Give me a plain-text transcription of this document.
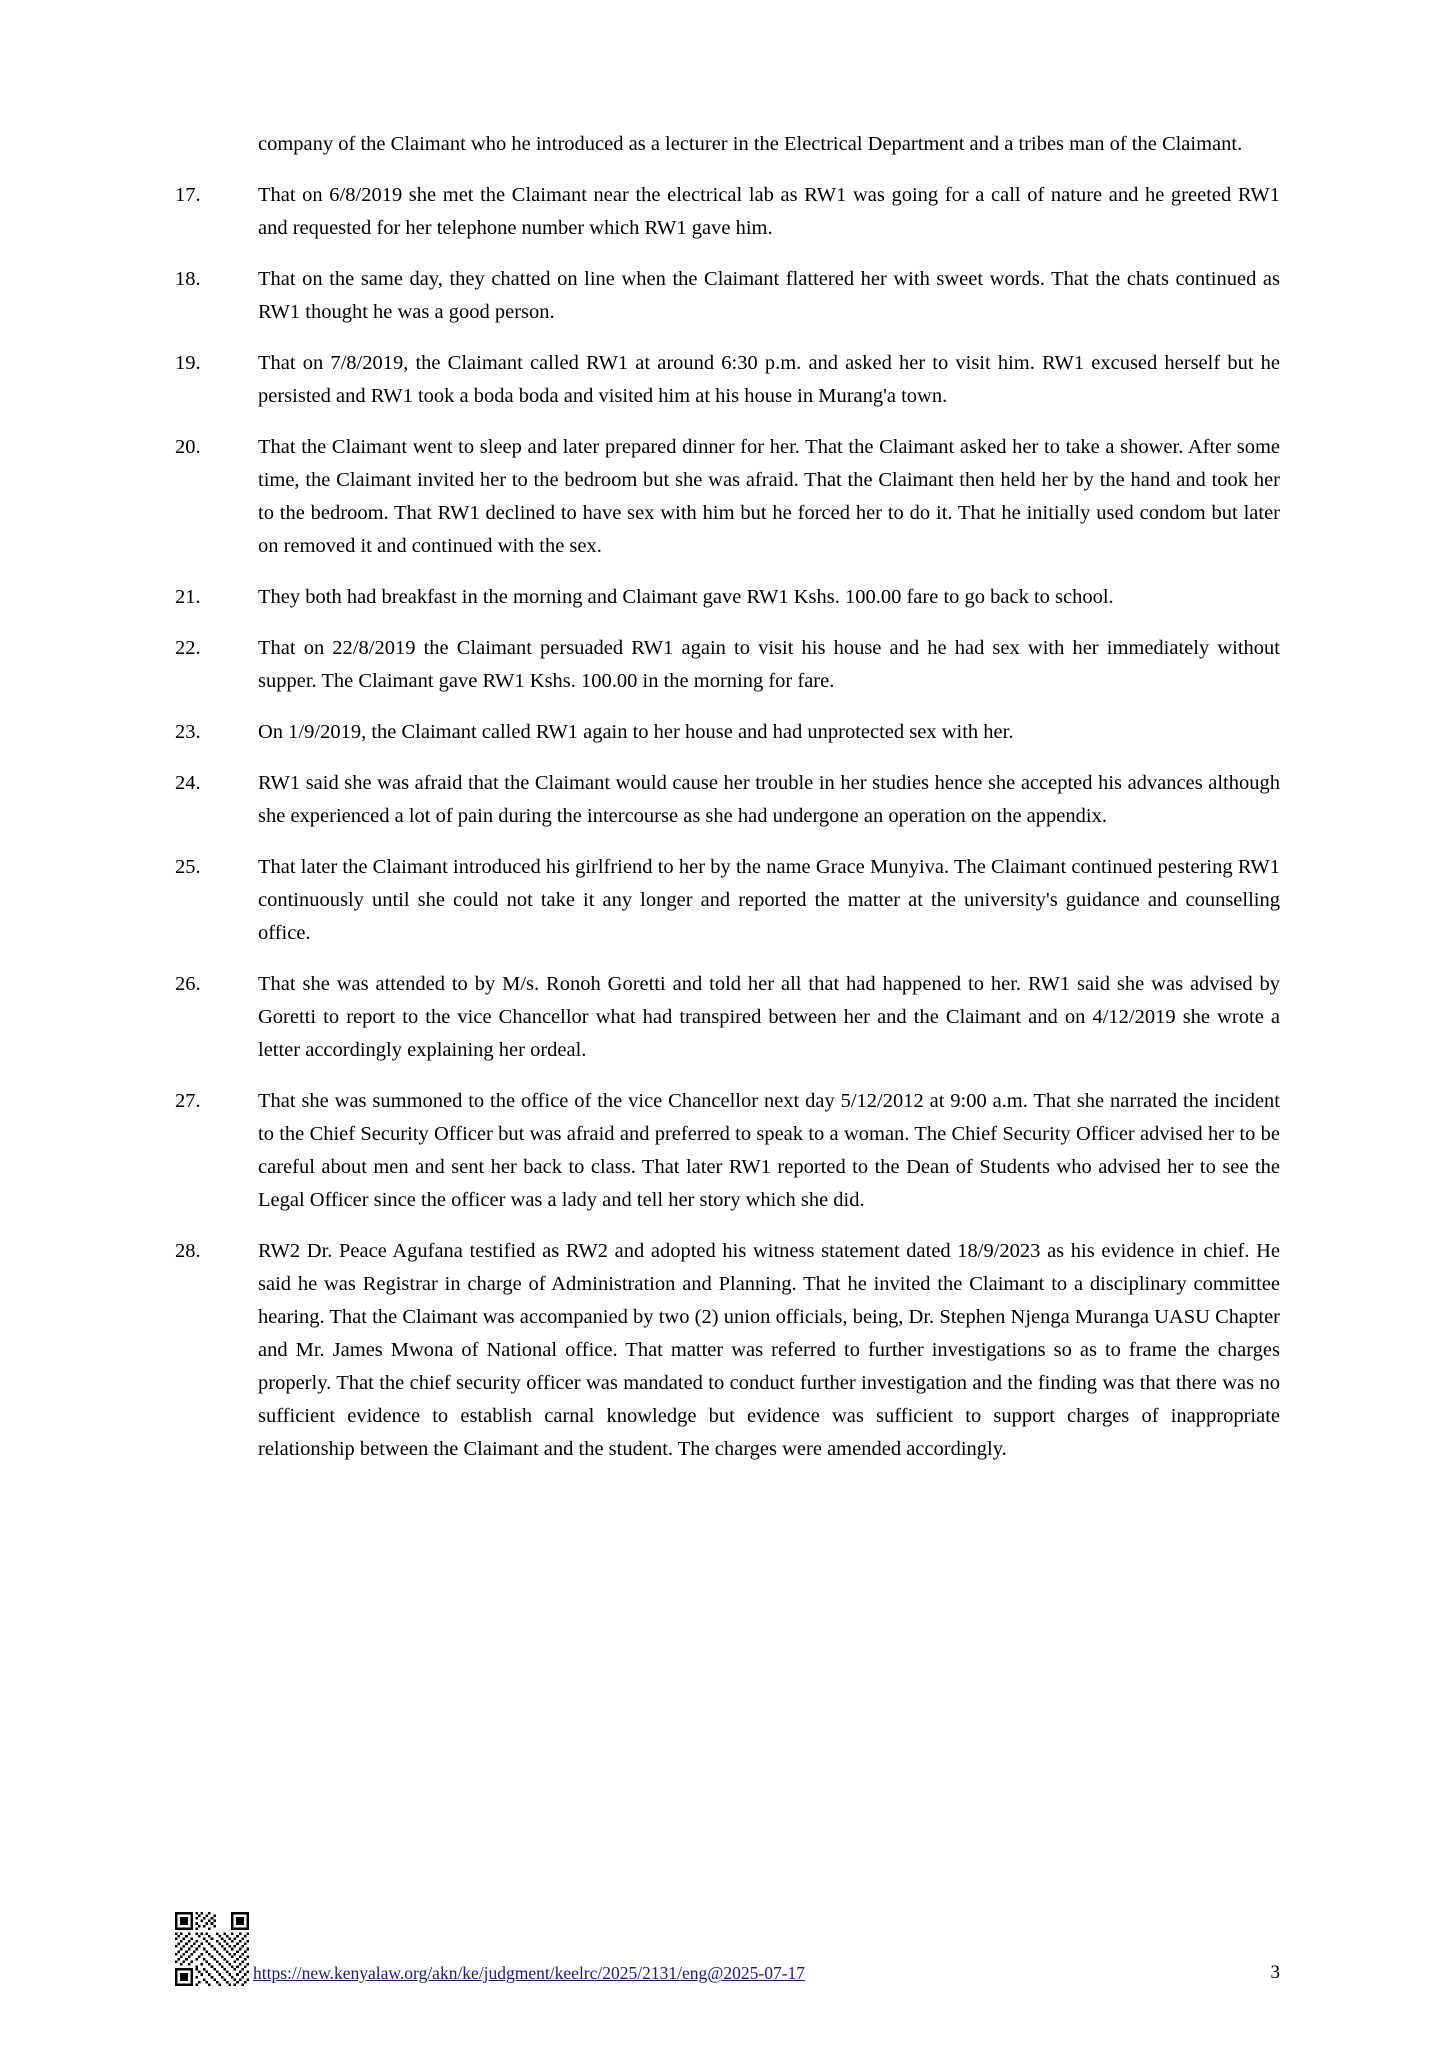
company of the Claimant who he introduced as a lecturer in the Electrical Department and a tribes man of the Claimant.

17.	That on 6/8/2019 she met the Claimant near the electrical lab as RW1 was going for a call of nature and he greeted RW1 and requested for her telephone number which RW1 gave him.
18.	That on the same day, they chatted on line when the Claimant flattered her with sweet words. That the chats continued as RW1 thought he was a good person.
19.	That on 7/8/2019, the Claimant called RW1 at around 6:30 p.m. and asked her to visit him. RW1 excused herself but he persisted and RW1 took a boda boda and visited him at his house in Murang'a town.
20.	That the Claimant went to sleep and later prepared dinner for her. That the Claimant asked her to take a shower. After some time, the Claimant invited her to the bedroom but she was afraid. That the Claimant then held her by the hand and took her to the bedroom. That RW1 declined to have sex with him but he forced her to do it. That he initially used condom but later on removed it and continued with the sex.
21.	They both had breakfast in the morning and Claimant gave RW1 Kshs. 100.00 fare to go back to school.
22.	That on 22/8/2019 the Claimant persuaded RW1 again to visit his house and he had sex with her immediately without supper. The Claimant gave RW1 Kshs. 100.00 in the morning for fare.
23.	On 1/9/2019, the Claimant called RW1 again to her house and had unprotected sex with her.
24.	RW1 said she was afraid that the Claimant would cause her trouble in her studies hence she accepted his advances although she experienced a lot of pain during the intercourse as she had undergone an operation on the appendix.
25.	That later the Claimant introduced his girlfriend to her by the name Grace Munyiva. The Claimant continued pestering RW1 continuously until she could not take it any longer and reported the matter at the university's guidance and counselling office.
26.	That she was attended to by M/s. Ronoh Goretti and told her all that had happened to her. RW1 said she was advised by Goretti to report to the vice Chancellor what had transpired between her and the Claimant and on 4/12/2019 she wrote a letter accordingly explaining her ordeal.
27.	That she was summoned to the office of the vice Chancellor next day 5/12/2012 at 9:00 a.m. That she narrated the incident to the Chief Security Officer but was afraid and preferred to speak to a woman. The Chief Security Officer advised her to be careful about men and sent her back to class. That later RW1 reported to the Dean of Students who advised her to see the Legal Officer since the officer was a lady and tell her story which she did.
28.	RW2 Dr. Peace Agufana testified as RW2 and adopted his witness statement dated 18/9/2023 as his evidence in chief. He said he was Registrar in charge of Administration and Planning. That he invited the Claimant to a disciplinary committee hearing. That the Claimant was accompanied by two (2) union officials, being, Dr. Stephen Njenga Muranga UASU Chapter and Mr. James Mwona of National office. That matter was referred to further investigations so as to frame the charges properly. That the chief security officer was mandated to conduct further investigation and the finding was that there was no sufficient evidence to establish carnal knowledge but evidence was sufficient to support charges of inappropriate relationship between the Claimant and the student. The charges were amended accordingly.
https://new.kenyalaw.org/akn/ke/judgment/keelrc/2025/2131/eng@2025-07-17	3
